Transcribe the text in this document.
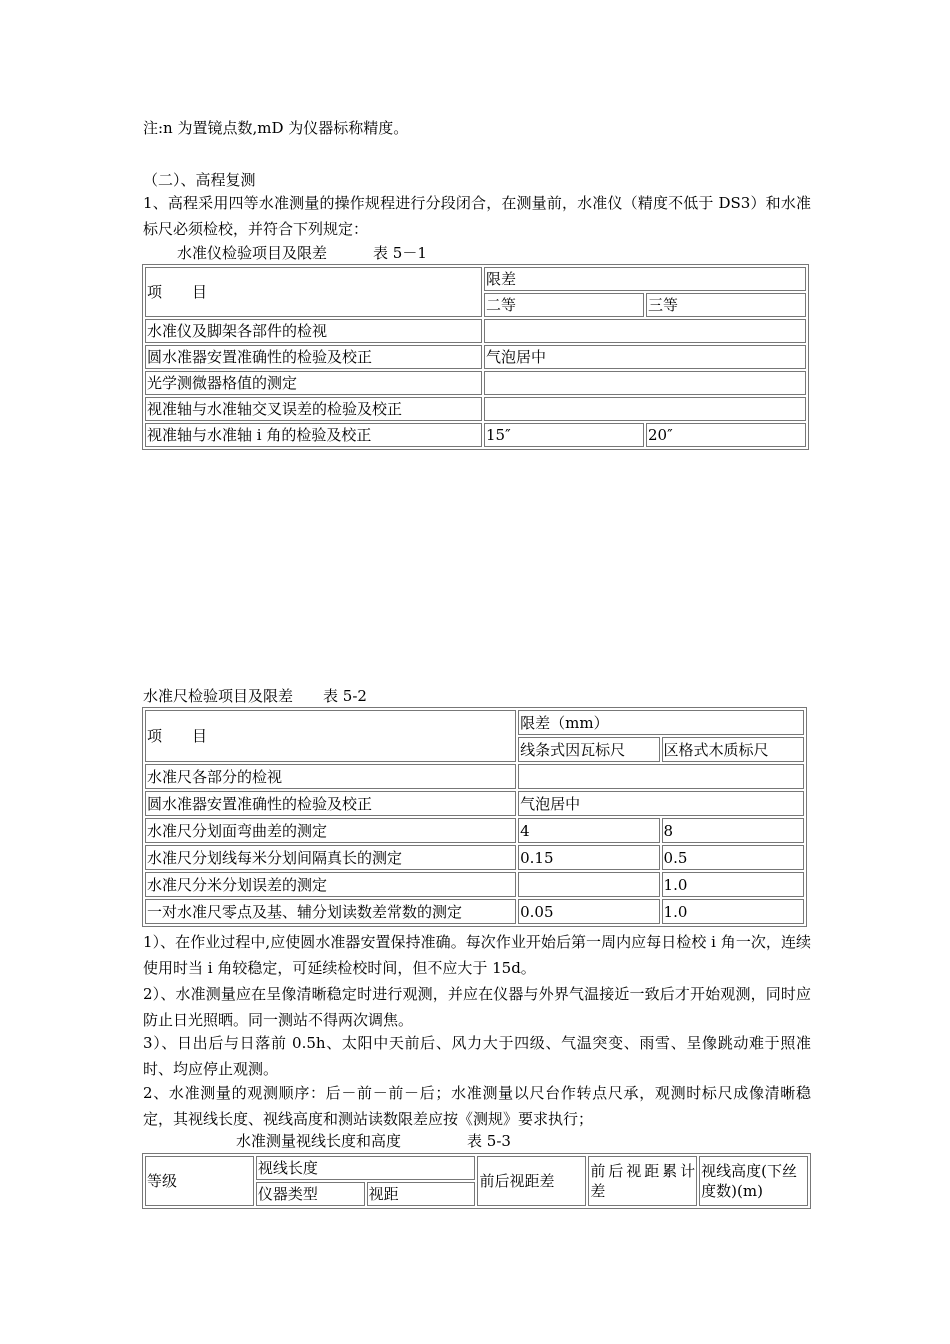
注:n 为置镜点数,mD 为仪器标称精度。
（二）、高程复测
1、高程采用四等水准测量的操作规程进行分段闭合，在测量前，水准仪（精度不低于 DS3）和水准标尺必须检校，并符合下列规定：
水准仪检验项目及限差	表 5－1
项　　目	限差	
	二等	三等
水准仪及脚架各部件的检视		
圆水准器安置准确性的检验及校正	气泡居中	
光学测微器格值的测定		
视准轴与水准轴交叉误差的检验及校正		
视准轴与水准轴 i 角的检验及校正	15″	20″
水准尺检验项目及限差 表 5-2
项　　目	限差（mm）	
	线条式因瓦标尺	区格式木质标尺
水准尺各部分的检视		
圆水准器安置准确性的检验及校正	气泡居中	
水准尺分划面弯曲差的测定	4	8
水准尺分划线每米分划间隔真长的测定	0.15	0.5
水准尺分米分划误差的测定		1.0
一对水准尺零点及基、辅分划读数差常数的测定	0.05	1.0
1）、在作业过程中,应使圆水准器安置保持准确。每次作业开始后第一周内应每日检校 i 角一次，连续使用时当 i 角较稳定，可延续检校时间，但不应大于 15d。
2）、水准测量应在呈像清晰稳定时进行观测，并应在仪器与外界气温接近一致后才开始观测，同时应防止日光照晒。同一测站不得两次调焦。
3）、日出后与日落前 0.5h、太阳中天前后、风力大于四级、气温突变、雨雪、呈像跳动难于照准时、均应停止观测。
2、水准测量的观测顺序：后－前－前－后；水准测量以尺台作转点尺承，观测时标尺成像清晰稳定，其视线长度、视线高度和测站读数限差应按《测规》要求执行；
水准测量视线长度和高度	表 5-3
等级	视线长度		前后视距差	前后视距累计差	视线高度(下丝度数)(m)
	仪器类型	视距			
